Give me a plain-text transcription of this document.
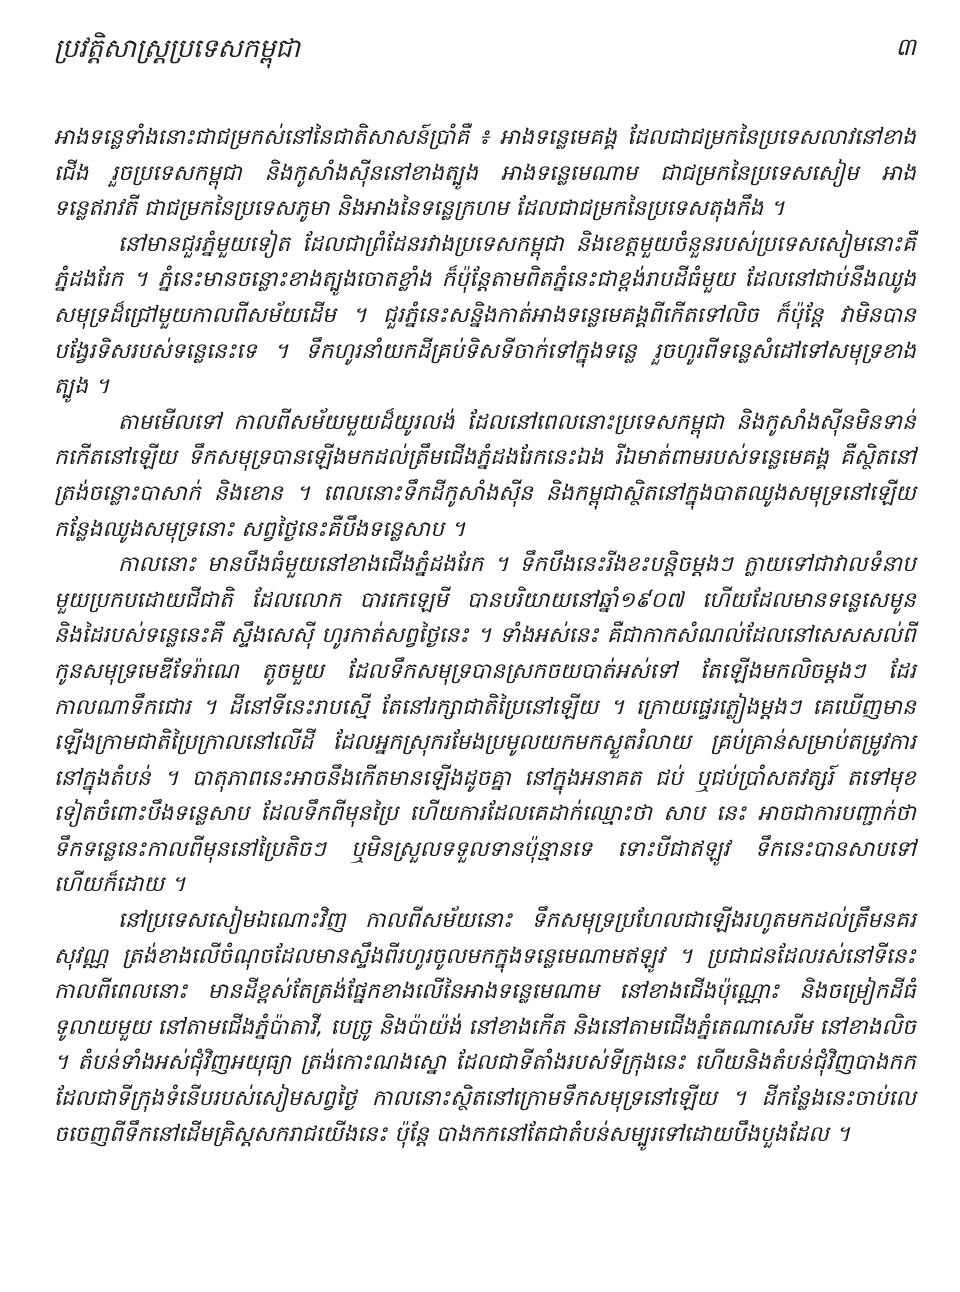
ប្រវត្តិសាស្ត្រប្រទេសកម្ពុជា	៣

អាងទន្លេទាំងនោះជាជម្រកស់នៅនៃជាតិសាសន៍ប្រាំគឺ ៖ អាងទន្លេមេគង្គ ដែលជាជម្រកនៃប្រទេសលាវនៅខាងជើង រួចប្រទេសកម្ពុជា និងកូសាំងស៊ីននៅខាងត្បូង អាងទន្លេមេណាម ជាជម្រកនៃប្រទេសសៀម អាងទន្លេឥរាវតី ជាជម្រកនៃប្រទេសភូមា និងអាងនៃទន្លេក្រហម ដែលជាជម្រកនៃប្រទេសតុងកឹង ។

នៅមានជួរភ្នំមួយទៀត ដែលជាព្រំដែនរវាងប្រទេសកម្ពុជា និងខេត្តមួយចំនួនរបស់ប្រទេសសៀមនោះគឺភ្នំដងរែក ។ ភ្នំនេះមានចន្លោះខាងត្បូងចោតខ្លាំង ក៏ប៉ុន្តែតាមពិតភ្នំនេះជាខ្ពង់រាបដីធំមួយ ដែលនៅជាប់នឹងឈូងសមុទ្រដ៏ជ្រៅមួយកាលពីសម័យដើម ។ ជួរភ្នំនេះសន្និងកាត់អាងទន្លេមេគង្គពីកើតទៅលិច ក៏ប៉ុន្តែ វាមិនបានបង្វែរទិសរបស់ទន្លេនេះទេ ។ ទឹកហូរនាំយកដីគ្រប់ទិសទីចាក់ទៅក្នុងទន្លេ រួចហូរពីទន្លេសំដៅទៅសមុទ្រខាងត្បូង ។

តាមមើលទៅ កាលពីសម័យមួយដ៏យូរលង់ ដែលនៅពេលនោះប្រទេសកម្ពុជា និងកូសាំងស៊ីនមិនទាន់កកើតនៅឡើយ ទឹកសមុទ្របានឡើងមកដល់ត្រឹមជើងភ្នំដងរែកនេះឯង រីឯមាត់ពាមរបស់ទន្លេមេគង្គ គឺស្ថិតនៅត្រង់ចន្លោះបាសាក់ និងខោន ។ ពេលនោះទឹកដីកូសាំងស៊ីន និងកម្ពុជាស្ថិតនៅក្នុងបាតឈូងសមុទ្រនៅឡើយ កន្លែងឈូងសមុទ្រនោះ សព្វថ្ងៃនេះគឺបឹងទន្លេសាប ។

កាលនោះ មានបឹងធំមួយនៅខាងជើងភ្នំដងរែក ។ ទឹកបឹងនេះរីងខះបន្តិចម្ដងៗ ក្លាយទៅជាវាលទំនាបមួយប្រកបដោយជីជាតិ ដែលលោក បារកេឡេមី បានបរិយាយនៅឆ្នាំ១៩០៧ ហើយដែលមានទន្លេសេមូននិងដៃរបស់ទន្លេនេះគឺ ស្ទឹងសេស៊ី ហូរកាត់សព្វថ្ងៃនេះ ។ ទាំងអស់នេះ គឺជាកាកសំណល់ដែលនៅសេសសល់ពីកូនសមុទ្រមេឌីទែរ៉ាណេ តូចមួយ ដែលទឹកសមុទ្របានស្រកចយបាត់អស់ទៅ តែឡើងមកលិចម្ដងៗ ដែរ កាលណាទឹកជោរ ។ ដីនៅទីនេះរាបស្មើ តែនៅរក្សាជាតិប្រៃនៅឡើយ ។ ក្រោយផ្ទេរភ្លៀងម្ដងៗ គេឃើញមានឡើងក្រាមជាតិប្រៃក្រាលនៅលើដី ដែលអ្នកស្រុករមែងប្រមូលយកមកស្ងួតរំលាយ គ្រប់គ្រាន់សម្រាប់តម្រូវការ នៅក្នុងតំបន់ ។ បាតុភាពនេះអាចនឹងកើតមានឡើងដូចគ្នា នៅក្នុងអនាគត ជប់ ឬជប់ប្រាំសតវត្សរ៍ តទៅមុខទៀតចំពោះបឹងទន្លេសាប ដែលទឹកពីមុនប្រៃ ហើយការដែលគេដាក់ឈ្មោះថា សាប នេះ អាចជាការបញ្ជាក់ថា ទឹកទន្លេនេះកាលពីមុននៅប្រៃតិចៗ ឬមិនស្រួលទទួលទានប៉ុន្មានទេ ទោះបីជាឥឡូវ ទឹកនេះបានសាបទៅហើយក៏ដោយ ។

នៅប្រទេសសៀមឯណោះវិញ កាលពីសម័យនោះ ទឹកសមុទ្រប្រហែលជាឡើងរហូតមកដល់ត្រឹមនគរសុវណ្ណ ត្រង់ខាងលើចំណុចដែលមានស្ទឹងពីរហូរចូលមកក្នុងទន្លេមេណាមឥឡូវ ។ ប្រជាជនដែលរស់នៅទីនេះកាលពីពេលនោះ មានដីខ្ពស់តែត្រង់ផ្នែកខាងលើនៃអាងទន្លេមេណាម នៅខាងជើងប៉ុណ្ណោះ និងចម្រៀកដីធំទូលាយមួយ នៅតាមជើងភ្នំប៉ាតាវី, បេច្រូ និងប៉ាយ៉ង់ នៅខាងកើត និងនៅតាមជើងភ្នំតេណាសេរីម នៅខាងលិច ។ តំបន់ទាំងអស់ជុំវិញអយុធ្យា ត្រង់កោះណងស្នោ ដែលជាទីតាំងរបស់ទីក្រុងនេះ ហើយនិងតំបន់ជុំវិញបាងកក ដែលជាទីក្រុងទំនើបរបស់សៀមសព្វថ្ងៃ កាលនោះស្ថិតនៅក្រោមទឹកសមុទ្រនៅឡើយ ។ ដីកន្លែងនេះចាប់លេចចេញពីទឹកនៅដើមគ្រិស្តសករាជយើងនេះ ប៉ុន្តែ បាងកកនៅតែជាតំបន់សម្បូរទៅដោយបឹងបួងដែល ។
